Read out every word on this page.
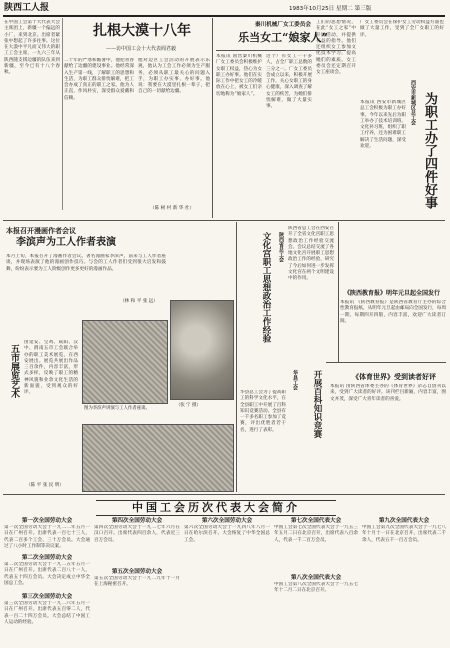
陕西工人报	1983年10月25日 星期二 第三版
在中国工会第十大代表大会主席团上，新疆一个偏远的小厂，来到北京。出席者紧张中想起了许多往事。这位在大漠中平凡而又伟大的职工工会主席，一九六三年从陕西随支援边疆的队伍来到新疆，至今已有十八个春秋。
扎根大漠十八年
——访中国工会十大代表阎君毅
二十年的严寒和酷暑中，他把青春献给了边疆的建设事业。他经常深入生产第一线，了解职工的思想和生活，为职工群众排忧解难，把工会办成了真正的职工之家。他为人正直，作风朴实，深受群众爱戴和信赖。
他对边区工会活动的开展表示乐观，他认为工会工作必须为生产服务，必须从职工最关心的问题入手，为职工办实事、办好事。他说：我要在大漠里扎根一辈子，把自己的一切献给边疆。
（陈 树 村 新 华 社）
秦川机械厂女工委员会
乐当女工“娘家人”
本报讯 国营秦川机械厂女工委员会积极维护女职工权益，热心为女职工办好事。他们在实际工作中把女工的冷暖放在心上，被女工们亲切地称为“娘家人”。
这个厂有女工一千多人，占全厂职工总数的三分之一。厂女工委员会成立以来，积极开展工作，关心女职工的身心健康，深入调查了解女工的疾苦，为她们排忧解难，做了大量实事。
工们的思想情况，在此“女工之家”中开展活动，并提供有益的指导。他们还组织女工参加文化技术学习，提高她们的素质。女工委员会还定期召开女工座谈会。
厂女工委员会在保护女工劳动权益方面也做了大量工作，受到了全厂女职工的好评。
为职工办了四件好事
西安市新城区总工会
本报讯 西安市新城区总工会积极为职工办好事。今年以来先后为职工举办了技术培训班、文化补习班，组织了职工疗养，还为困难职工解决了生活问题，深受欢迎。
本报召开漫画作者会议
李滨声为工人作者表演
本月上旬，本报召开了漫画作者会议。著名漫画家李滨声，前来与工人作者座谈，并现场表演了他的漫画创作技巧。与会的工人作者们受到很大启发和鼓舞，纷纷表示要为工人阶级创作更多更好的漫画作品。
（林 和 平 张 远）
五市展览艺术
由延安、宝鸡、咸阳、汉中、渭南五市工会联合举办的职工美术展览，在西安展出。展览共展出作品三百余件，内容丰富，形式多样，反映了职工的精神风貌和业余文化生活的新面貌，受到观众的好评。
（陈 平 张 民 明）
图为李滨声讲演与工人作者座谈。
（张 宁 摄）
文化宫职工思想政治工作经验	陕西省总工会
陕西省总工会在西安召开了全省文化宫职工思想政治工作经验交流会。会议总结交流了各地文化宫开展职工思想政治工作的经验，研究了今后如何进一步发挥文化宫在两个文明建设中的作用。
开展百科知识竞赛
华县工会
华县总工会为了提高职工的科学文化水平，在全县职工中开展了百科知识竞赛活动。全县有一千多名职工参加了竞赛，评出优胜者若干名，进行了表彰。
《陕西教育报》明年元旦起全国发行
本报讯 《陕西教育报》是陕西省教育厅主办的综合性教育报纸，从明年元旦起由邮局向全国发行，每周一期，每期四开四版，内容丰富，欢迎广大读者订阅。
《体育世界》受到读者好评
本报讯 由陕西省体委主办的《体育世界》杂志自创刊以来，受到广大读者的好评。该刊栏目新颖，内容丰富，图文并茂，深受广大青年读者的喜爱。
中国工会历次代表大会简介
第一次全国劳动大会
第一次全国劳动大会于一九二二年五月一日在广州召开。出席代表一百七十三人，代表二百多个工会、三十万会员。大会通过了八小时工作制等决议案。
第二次全国劳动大会
第二次全国劳动大会于一九二五年五月一日在广州召开。出席代表二百八十一人，代表五十四万会员。大会决定成立中华全国总工会。
第三次全国劳动大会
第三次全国劳动大会于一九二六年五月一日在广州召开。出席代表五百零二人，代表一百二十四万会员。大会总结了中国工人运动的经验。
第四次全国劳动大会
第四次全国劳动大会于一九二七年六月在汉口召开。出席代表四百余人，代表近三百万会员。
第五次全国劳动大会
第五次全国劳动大会于一九二九年十一月在上海秘密召开。
第六次全国劳动大会
第六次全国劳动大会于一九四八年八月一日在哈尔滨召开。大会恢复了中华全国总工会。
第七次全国代表大会
中国工会第七次全国代表大会于一九五三年五月二日在北京召开，出席代表八百余人，代表一千二百万会员。
第八次全国代表大会
中国工会第八次全国代表大会于一九五七年十二月二日在北京召开。
第九次全国代表大会
中国工会第九次全国代表大会于一九七八年十月十一日在北京召开，出席代表二千余人，代表五千一百万会员。
